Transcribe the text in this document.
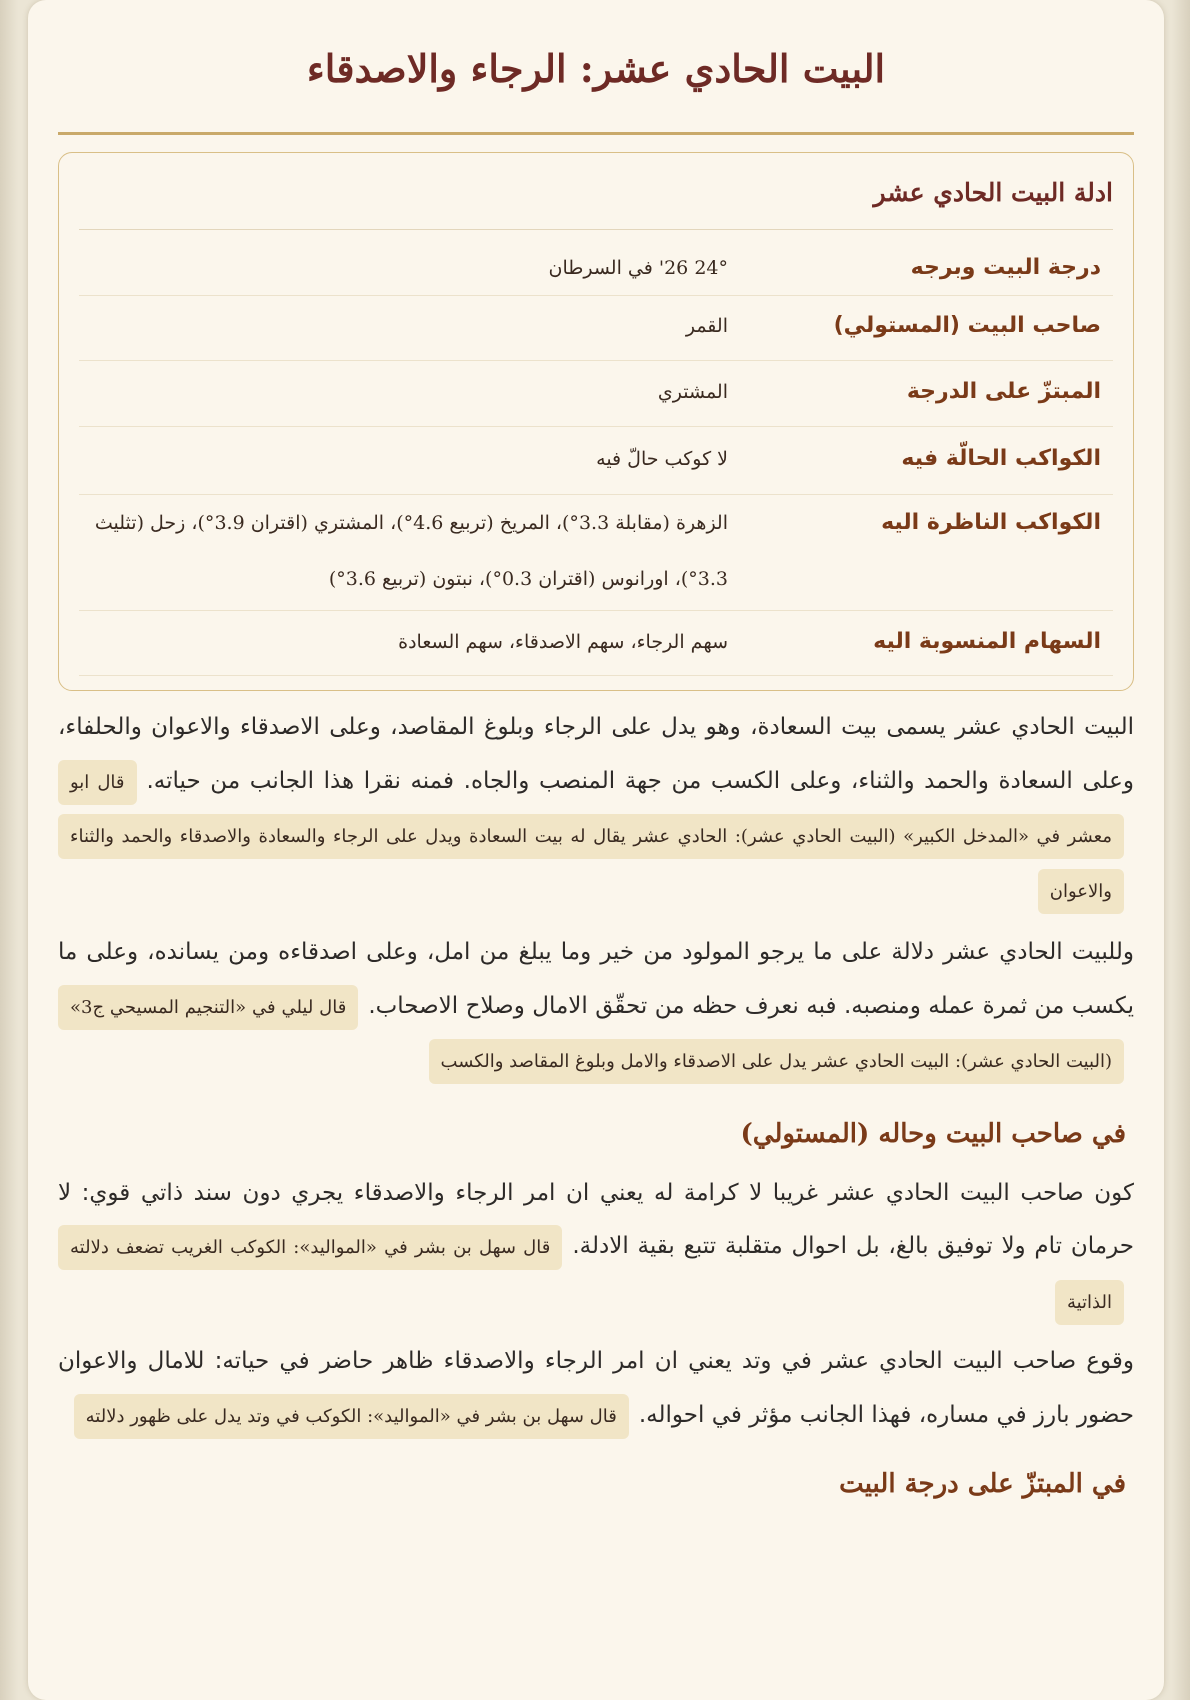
البيت الحادي عشر: الرجاء والاصدقاء
ادلة البيت الحادي عشر
درجة البيت وبرجه
24° 26' في السرطان
صاحب البيت (المستولي)
القمر
المبتزّ على الدرجة
المشتري
الكواكب الحالّة فيه
لا كوكب حالّ فيه
الكواكب الناظرة اليه
الزهرة (مقابلة 3.3°)، المريخ (تربيع 4.6°)، المشتري (اقتران 3.9°)، زحل (تثليث 3.3°)، اورانوس (اقتران 0.3°)، نبتون (تربيع 3.6°)
السهام المنسوبة اليه
سهم الرجاء، سهم الاصدقاء، سهم السعادة

البيت الحادي عشر يسمى بيت السعادة، وهو يدل على الرجاء وبلوغ المقاصد، وعلى الاصدقاء والاعوان والحلفاء، وعلى السعادة والحمد والثناء، وعلى الكسب من جهة المنصب والجاه. فمنه نقرا هذا الجانب من حياته.قال ابو معشر في «المدخل الكبير» (البيت الحادي عشر): الحادي عشر يقال له بيت السعادة ويدل على الرجاء والسعادة والاصدقاء والحمد والثناء والاعوان

وللبيت الحادي عشر دلالة على ما يرجو المولود من خير وما يبلغ من امل، وعلى اصدقاءه ومن يسانده، وعلى ما يكسب من ثمرة عمله ومنصبه. فبه نعرف حظه من تحقّق الامال وصلاح الاصحاب.قال ليلي في «التنجيم المسيحي ج3» (البيت الحادي عشر): البيت الحادي عشر يدل على الاصدقاء والامل وبلوغ المقاصد والكسب

في صاحب البيت وحاله (المستولي)

كون صاحب البيت الحادي عشر غريبا لا كرامة له يعني ان امر الرجاء والاصدقاء يجري دون سند ذاتي قوي: لا حرمان تام ولا توفيق بالغ، بل احوال متقلبة تتبع بقية الادلة.قال سهل بن بشر في «المواليد»: الكوكب الغريب تضعف دلالته الذاتية

وقوع صاحب البيت الحادي عشر في وتد يعني ان امر الرجاء والاصدقاء ظاهر حاضر في حياته: للامال والاعوان حضور بارز في مساره، فهذا الجانب مؤثر في احواله.قال سهل بن بشر في «المواليد»: الكوكب في وتد يدل على ظهور دلالته

في المبتزّ على درجة البيت
